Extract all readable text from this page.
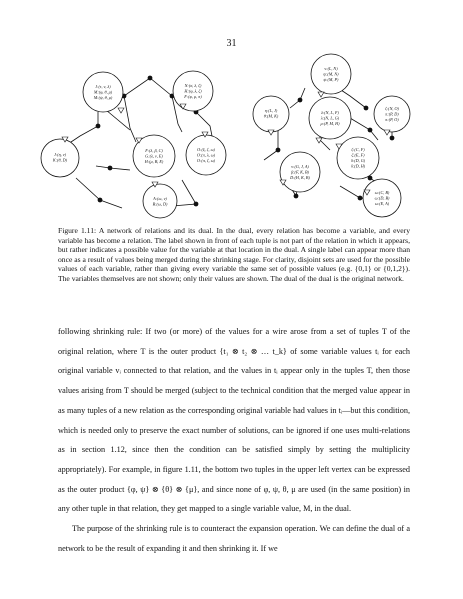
31
J:(τ, ν, λ) M:(φ, θ, μ) M:(ψ, θ, μ)
N:(σ, λ, ζ) H:(φ, λ, ζ) F:(φ, μ, π)
J:(η, ν) K:(θ, D)
F:(λ, β, C) G:(λ, ν, E) H:(μ, B, E)
O:(ξ, ζ, ω) O:(π, λ, ω) O:(π, ζ, ω)
A:(ω, ν) B:(ω, D)
ν:(L, N) ψ:(M, N) ψ:(M, P)
η:(L, J) θ:(M, K)
λ:(N, L, F) λ:(N, L, G) μ:(P, M, H)
ζ:(N, O) π:(P, D) π:(P, O)
ζ:(C, F) ζ:(E, F) δ:(D, G) δ:(D, H)
ν:(G, J, A) β:(F, K, B) D:(H, K, B)
ω:(C, B) ω:(D, B) ω:(E, A)
Figure 1.11: A network of relations and its dual. In the dual, every relation has become a variable, and every variable has become a relation. The label shown in front of each tuple is not part of the relation in which it appears, but rather indicates a possible value for the variable at that location in the dual. A single label can appear more than once as a result of values being merged during the shrinking stage. For clarity, disjoint sets are used for the possible values of each variable, rather than giving every variable the same set of possible values (e.g. {0,1} or {0,1,2}). The variables themselves are not shown; only their values are shown. The dual of the dual is the original network.

following shrinking rule: If two (or more) of the values for a wire arose from a set of tuples T of the original relation, where T is the outer product {t₁ ⊗ t₂ ⊗ … t_k} of some variable values tᵢ for each original variable vᵢ connected to that relation, and the values in tᵢ appear only in the tuples T, then those values arising from T should be merged (subject to the technical condition that the merged value appear in as many tuples of a new relation as the corresponding original variable had values in tᵢ—but this condition, which is needed only to preserve the exact number of solutions, can be ignored if one uses multi-relations as in section 1.12, since then the condition can be satisfied simply by setting the multiplicity appropriately). For example, in figure 1.11, the bottom two tuples in the upper left vertex can be expressed as the outer product {φ, ψ} ⊗ {θ} ⊗ {μ}, and since none of φ, ψ, θ, μ are used (in the same position) in any other tuple in that relation, they get mapped to a single variable value, M, in the dual.

The purpose of the shrinking rule is to counteract the expansion operation. We can define the dual of a network to be the result of expanding it and then shrinking it. If we
